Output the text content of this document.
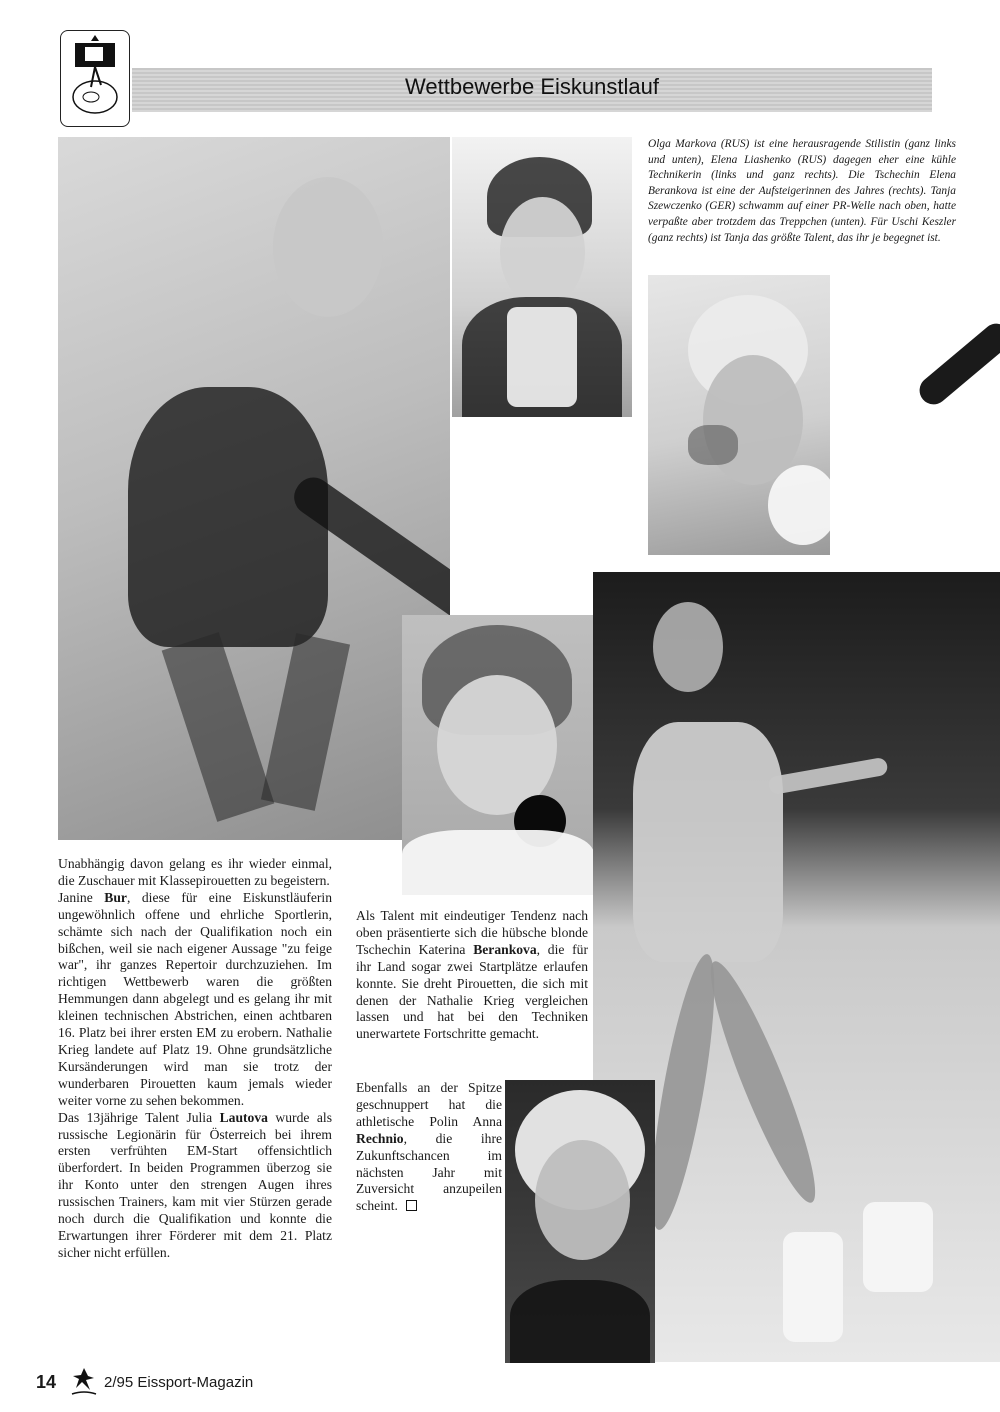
Wettbewerbe Eiskunstlauf
Olga Markova (RUS) ist eine herausragende Stilistin (ganz links und unten), Elena Liashenko (RUS) dagegen eher eine kühle Technikerin (links und ganz rechts). Die Tschechin Elena Berankova ist eine der Aufsteigerinnen des Jahres (rechts). Tanja Szewczenko (GER) schwamm auf einer PR-Welle nach oben, hatte verpaßte aber trotzdem das Treppchen (unten). Für Uschi Keszler (ganz rechts) ist Tanja das größte Talent, das ihr je begegnet ist.

Unabhängig davon gelang es ihr wieder einmal, die Zuschauer mit Klassepirouetten zu begeistern.

Janine Bur, diese für eine Eiskunstläuferin ungewöhnlich offene und ehrliche Sportlerin, schämte sich nach der Qualifikation noch ein bißchen, weil sie nach eigener Aussage "zu feige war", ihr ganzes Repertoir durchzuziehen. Im richtigen Wettbewerb waren die größten Hemmungen dann abgelegt und es gelang ihr mit kleinen technischen Abstrichen, einen achtbaren 16. Platz bei ihrer ersten EM zu erobern. Nathalie Krieg landete auf Platz 19. Ohne grundsätzliche Kursänderungen wird man sie trotz der wunderbaren Pirouetten kaum jemals wieder weiter vorne zu sehen bekommen.

Das 13jährige Talent Julia Lautova wurde als russische Legionärin für Österreich bei ihrem ersten verfrühten EM-Start offensichtlich überfordert. In beiden Programmen überzog sie ihr Konto unter den strengen Augen ihres russischen Trainers, kam mit vier Stürzen gerade noch durch die Qualifikation und konnte die Erwartungen ihrer Förderer mit dem 21. Platz sicher nicht erfüllen.

Als Talent mit eindeutiger Tendenz nach oben präsentierte sich die hübsche blonde Tschechin Katerina Berankova, die für ihr Land sogar zwei Startplätze erlaufen konnte. Sie dreht Pirouetten, die sich mit denen der Nathalie Krieg vergleichen lassen und hat bei den Techniken unerwartete Fortschritte gemacht.

Ebenfalls an der Spitze geschnuppert hat die athletische Polin Anna Rechnio, die ihre Zukunftschancen im nächsten Jahr mit Zuversicht anzupeilen scheint.

14	2/95 Eissport-Magazin
